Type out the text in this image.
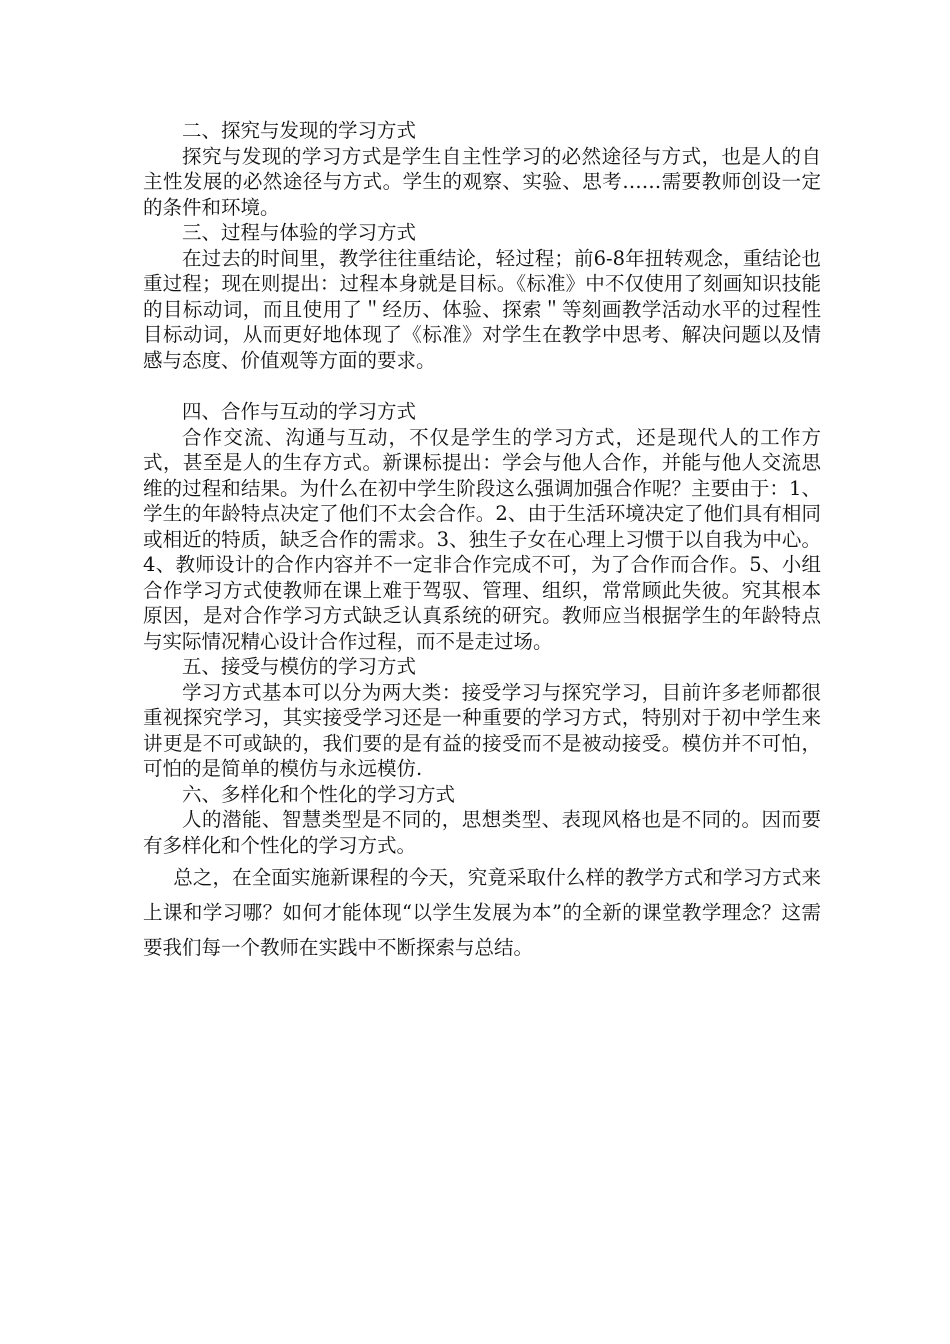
二、探究与发现的学习方式

探究与发现的学习方式是学生自主性学习的必然途径与方式，也是人的自主性发展的必然途径与方式。学生的观察、实验、思考……需要教师创设一定的条件和环境。

三、过程与体验的学习方式

在过去的时间里，教学往往重结论，轻过程；前6-8年扭转观念，重结论也重过程；现在则提出：过程本身就是目标。《标准》中不仅使用了刻画知识技能的目标动词，而且使用了＂经历、体验、探索＂等刻画教学活动水平的过程性目标动词，从而更好地体现了《标准》对学生在教学中思考、解决问题以及情感与态度、价值观等方面的要求。

四、合作与互动的学习方式

合作交流、沟通与互动，不仅是学生的学习方式，还是现代人的工作方式，甚至是人的生存方式。新课标提出：学会与他人合作，并能与他人交流思维的过程和结果。为什么在初中学生阶段这么强调加强合作呢？主要由于：1、学生的年龄特点决定了他们不太会合作。2、由于生活环境决定了他们具有相同或相近的特质，缺乏合作的需求。3、独生子女在心理上习惯于以自我为中心。4、教师设计的合作内容并不一定非合作完成不可，为了合作而合作。5、小组合作学习方式使教师在课上难于驾驭、管理、组织，常常顾此失彼。究其根本原因，是对合作学习方式缺乏认真系统的研究。教师应当根据学生的年龄特点与实际情况精心设计合作过程，而不是走过场。

五、接受与模仿的学习方式

学习方式基本可以分为两大类：接受学习与探究学习，目前许多老师都很重视探究学习，其实接受学习还是一种重要的学习方式，特别对于初中学生来讲更是不可或缺的，我们要的是有益的接受而不是被动接受。模仿并不可怕，可怕的是简单的模仿与永远模仿.

六、多样化和个性化的学习方式

人的潜能、智慧类型是不同的，思想类型、表现风格也是不同的。因而要有多样化和个性化的学习方式。

总之，在全面实施新课程的今天，究竟采取什么样的教学方式和学习方式来上课和学习哪？如何才能体现“以学生发展为本”的全新的课堂教学理念？这需要我们每一个教师在实践中不断探索与总结。
